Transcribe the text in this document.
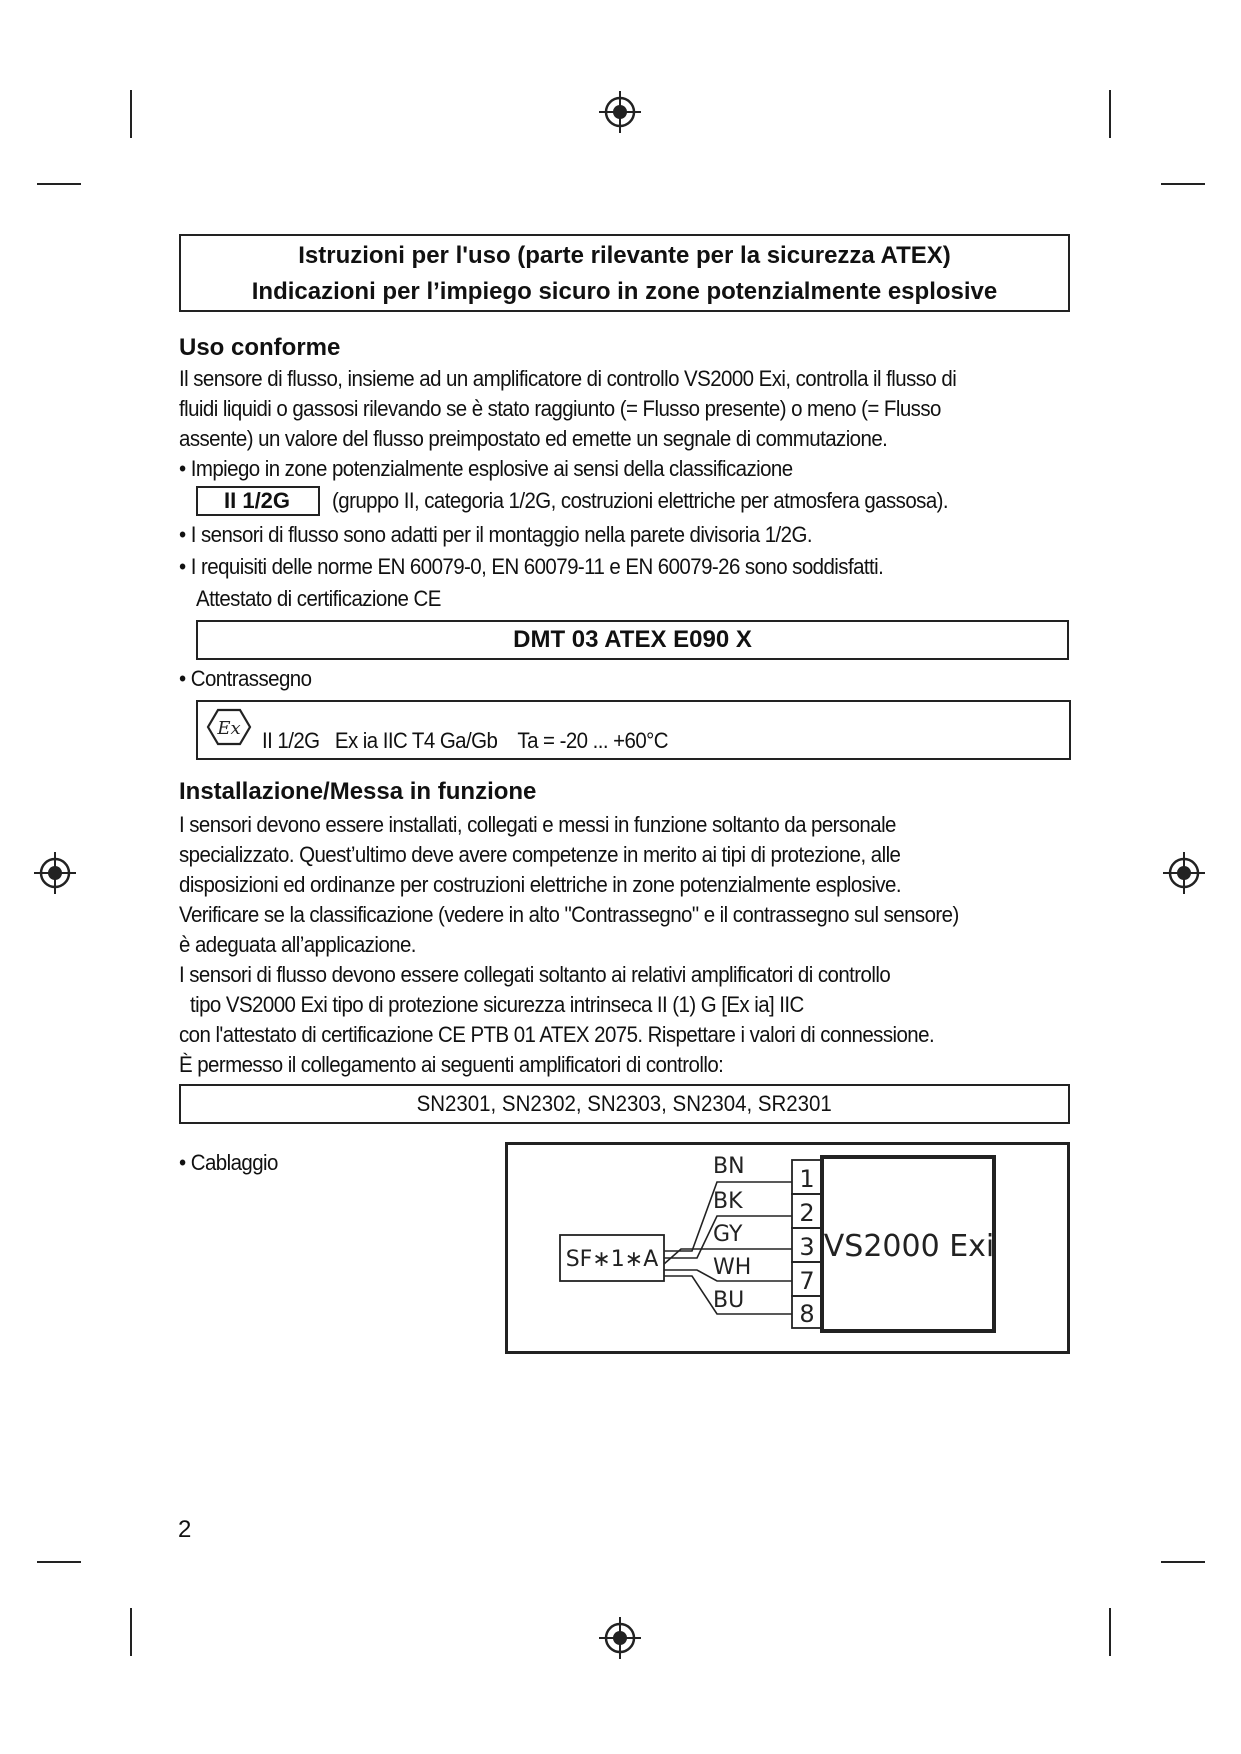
Istruzioni per l'uso (parte rilevante per la sicurezza ATEX)
Indicazioni per l’impiego sicuro in zone potenzialmente esplosive
Uso conforme
Il sensore di flusso, insieme ad un amplificatore di controllo VS2000 Exi, controlla il flusso di
fluidi liquidi o gassosi rilevando se è stato raggiunto (= Flusso presente) o meno (= Flusso
assente) un valore del flusso preimpostato ed emette un segnale di commutazione.
• Impiego in zone potenzialmente esplosive ai sensi della classificazione
II 1/2G	(gruppo II, categoria 1/2G, costruzioni elettriche per atmosfera gassosa).
• I sensori di flusso sono adatti per il montaggio nella parete divisoria 1/2G.
• I requisiti delle norme EN 60079-0, EN 60079-11 e EN 60079-26 sono soddisfatti.
Attestato di certificazione CE
DMT 03 ATEX E090 X
• Contrassegno
Ex II 1/2G   Ex ia IIC T4 Ga/Gb    Ta = -20 ... +60°C
Installazione/Messa in funzione
I sensori devono essere installati, collegati e messi in funzione soltanto da personale
specializzato. Quest’ultimo deve avere competenze in merito ai tipi di protezione, alle
disposizioni ed ordinanze per costruzioni elettriche in zone potenzialmente esplosive.
Verificare se la classificazione (vedere in alto "Contrassegno" e il contrassegno sul sensore)
è adeguata all’applicazione.
I sensori di flusso devono essere collegati soltanto ai relativi amplificatori di controllo
tipo VS2000 Exi tipo di protezione sicurezza intrinseca II (1) G [Ex ia] IIC
con l'attestato di certificazione CE PTB 01 ATEX 2075. Rispettare i valori di connessione.
È permesso il collegamento ai seguenti amplificatori di controllo:
SN2301, SN2302, SN2303, SN2304, SR2301
• Cablaggio
SF∗1∗A
BN
BK
GY
WH
BU
1
2
3
7
8
VS2000 Exi
2
